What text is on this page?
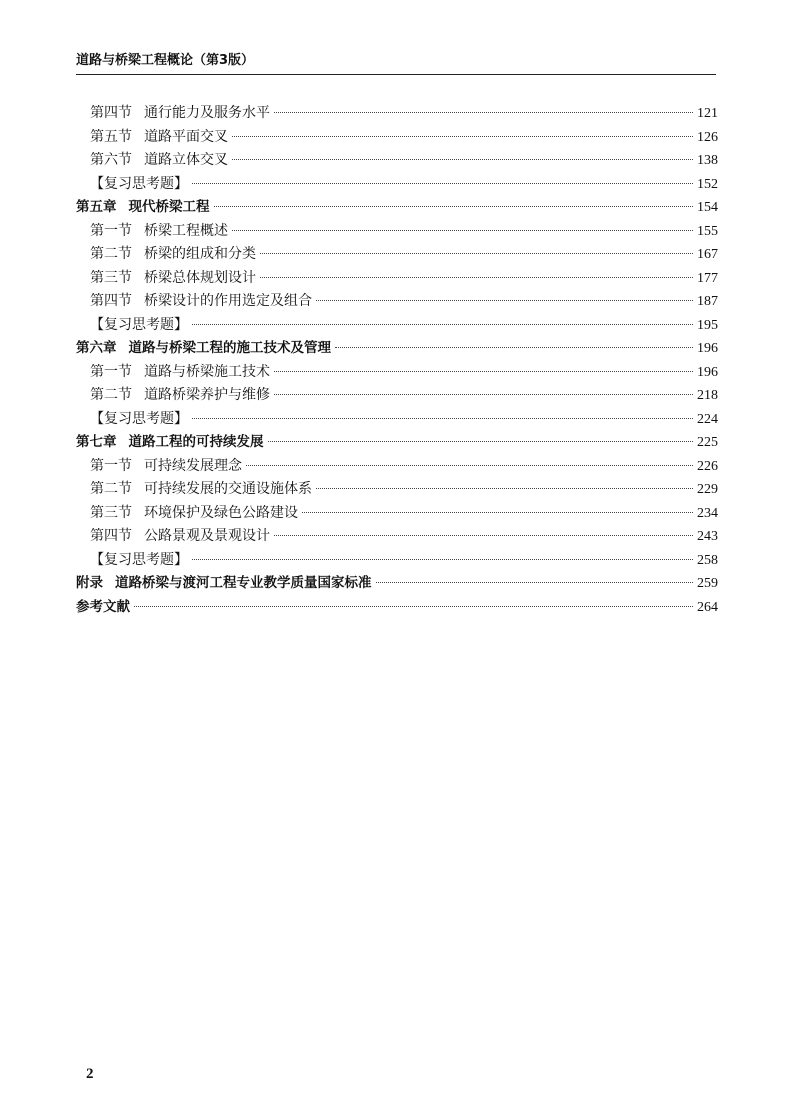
道路与桥梁工程概论（第3版）
第四节 通行能力及服务水平	121
第五节 道路平面交叉	126
第六节 道路立体交叉	138
【复习思考题】	152
第五章 现代桥梁工程	154
第一节 桥梁工程概述	155
第二节 桥梁的组成和分类	167
第三节 桥梁总体规划设计	177
第四节 桥梁设计的作用选定及组合	187
【复习思考题】	195
第六章 道路与桥梁工程的施工技术及管理	196
第一节 道路与桥梁施工技术	196
第二节 道路桥梁养护与维修	218
【复习思考题】	224
第七章 道路工程的可持续发展	225
第一节 可持续发展理念	226
第二节 可持续发展的交通设施体系	229
第三节 环境保护及绿色公路建设	234
第四节 公路景观及景观设计	243
【复习思考题】	258
附录 道路桥梁与渡河工程专业教学质量国家标准	259
参考文献	264
2
